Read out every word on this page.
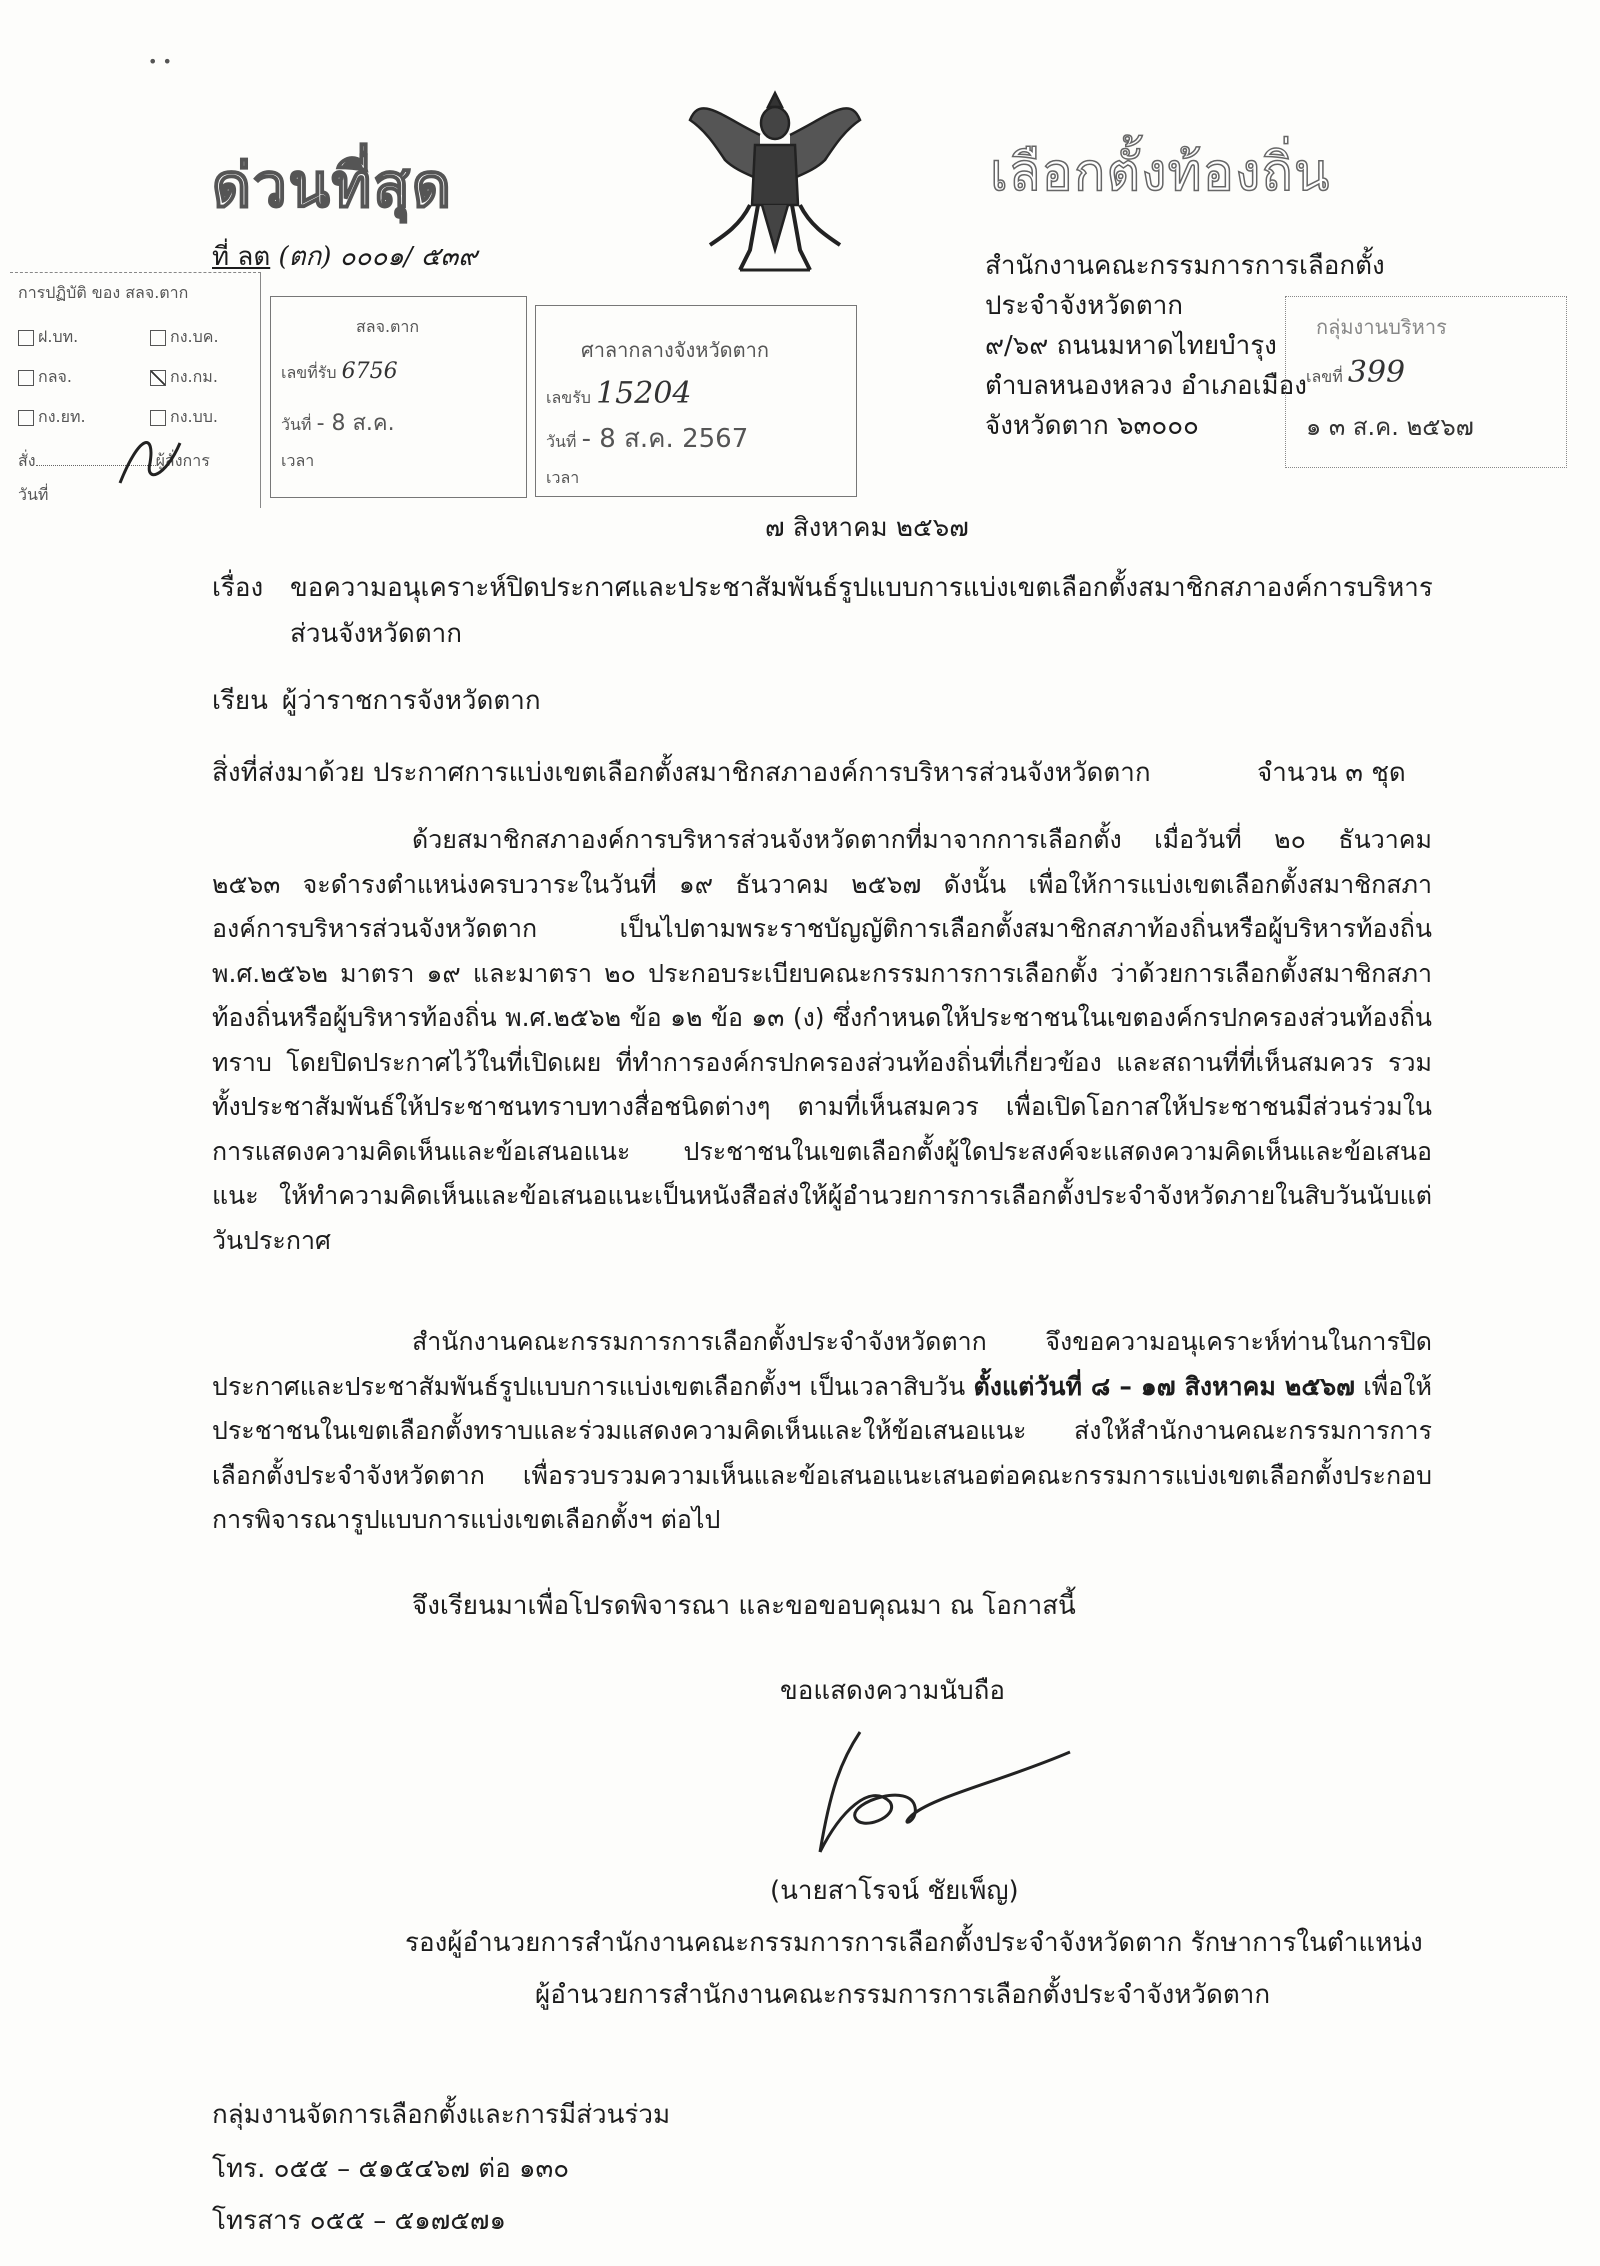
• •
ด่วนที่สุด	เลือกตั้งท้องถิ่น
ที่ ลต (ตก) ๐๐๐๑/ ๕๓๙	สำนักงานคณะกรรมการการเลือกตั้ง
ประจำจังหวัดตาก
๙/๖๙ ถนนมหาดไทยบำรุง
ตำบลหนองหลวง อำเภอเมือง
จังหวัดตาก ๖๓๐๐๐
การปฏิบัติ ของ สลจ.ตาก
ฝ.บท.	กง.บค.
กลจ.	กง.กม.
กง.ยท.	กง.บบ.
สั่ง	ผู้สั่งการ
วันที่
สลจ.ตาก
เลขที่รับ 6756
วันที่ - 8 ส.ค.
เวลา
ศาลากลางจังหวัดตาก
เลขรับ 15204
วันที่ - 8 ส.ค. 2567
เวลา
กลุ่มงานบริหาร
เลขที่ 399
๑ ๓ ส.ค. ๒๕๖๗
๗ สิงหาคม ๒๕๖๗
เรื่อง ขอความอนุเคราะห์ปิดประกาศและประชาสัมพันธ์รูปแบบการแบ่งเขตเลือกตั้งสมาชิกสภาองค์การบริหารส่วนจังหวัดตาก
เรียน ผู้ว่าราชการจังหวัดตาก
สิ่งที่ส่งมาด้วย ประกาศการแบ่งเขตเลือกตั้งสมาชิกสภาองค์การบริหารส่วนจังหวัดตาก	จำนวน ๓ ชุด
ด้วยสมาชิกสภาองค์การบริหารส่วนจังหวัดตากที่มาจากการเลือกตั้ง เมื่อวันที่ ๒๐ ธันวาคม ๒๕๖๓ จะดำรงตำแหน่งครบวาระในวันที่ ๑๙ ธันวาคม ๒๕๖๗ ดังนั้น เพื่อให้การแบ่งเขตเลือกตั้งสมาชิกสภาองค์การบริหารส่วนจังหวัดตาก เป็นไปตามพระราชบัญญัติการเลือกตั้งสมาชิกสภาท้องถิ่นหรือผู้บริหารท้องถิ่น พ.ศ.๒๕๖๒ มาตรา ๑๙ และมาตรา ๒๐ ประกอบระเบียบคณะกรรมการการเลือกตั้ง ว่าด้วยการเลือกตั้งสมาชิกสภาท้องถิ่นหรือผู้บริหารท้องถิ่น พ.ศ.๒๕๖๒ ข้อ ๑๒ ข้อ ๑๓ (ง) ซึ่งกำหนดให้ประชาชนในเขตองค์กรปกครองส่วนท้องถิ่นทราบ โดยปิดประกาศไว้ในที่เปิดเผย ที่ทำการองค์กรปกครองส่วนท้องถิ่นที่เกี่ยวข้อง และสถานที่ที่เห็นสมควร รวมทั้งประชาสัมพันธ์ให้ประชาชนทราบทางสื่อชนิดต่างๆ ตามที่เห็นสมควร เพื่อเปิดโอกาสให้ประชาชนมีส่วนร่วมในการแสดงความคิดเห็นและข้อเสนอแนะ ประชาชนในเขตเลือกตั้งผู้ใดประสงค์จะแสดงความคิดเห็นและข้อเสนอแนะ ให้ทำความคิดเห็นและข้อเสนอแนะเป็นหนังสือส่งให้ผู้อำนวยการการเลือกตั้งประจำจังหวัดภายในสิบวันนับแต่วันประกาศ
สำนักงานคณะกรรมการการเลือกตั้งประจำจังหวัดตาก จึงขอความอนุเคราะห์ท่านในการปิดประกาศและประชาสัมพันธ์รูปแบบการแบ่งเขตเลือกตั้งฯ เป็นเวลาสิบวัน ตั้งแต่วันที่ ๘ – ๑๗ สิงหาคม ๒๕๖๗ เพื่อให้ประชาชนในเขตเลือกตั้งทราบและร่วมแสดงความคิดเห็นและให้ข้อเสนอแนะ ส่งให้สำนักงานคณะกรรมการการเลือกตั้งประจำจังหวัดตาก เพื่อรวบรวมความเห็นและข้อเสนอแนะเสนอต่อคณะกรรมการแบ่งเขตเลือกตั้งประกอบการพิจารณารูปแบบการแบ่งเขตเลือกตั้งฯ ต่อไป
จึงเรียนมาเพื่อโปรดพิจารณา และขอขอบคุณมา ณ โอกาสนี้
ขอแสดงความนับถือ
(นายสาโรจน์ ชัยเพ็ญ)
รองผู้อำนวยการสำนักงานคณะกรรมการการเลือกตั้งประจำจังหวัดตาก รักษาการในตำแหน่ง
ผู้อำนวยการสำนักงานคณะกรรมการการเลือกตั้งประจำจังหวัดตาก
กลุ่มงานจัดการเลือกตั้งและการมีส่วนร่วม
โทร. ๐๕๕ – ๕๑๕๔๖๗ ต่อ ๑๓๐
โทรสาร ๐๕๕ – ๕๑๗๕๗๑
